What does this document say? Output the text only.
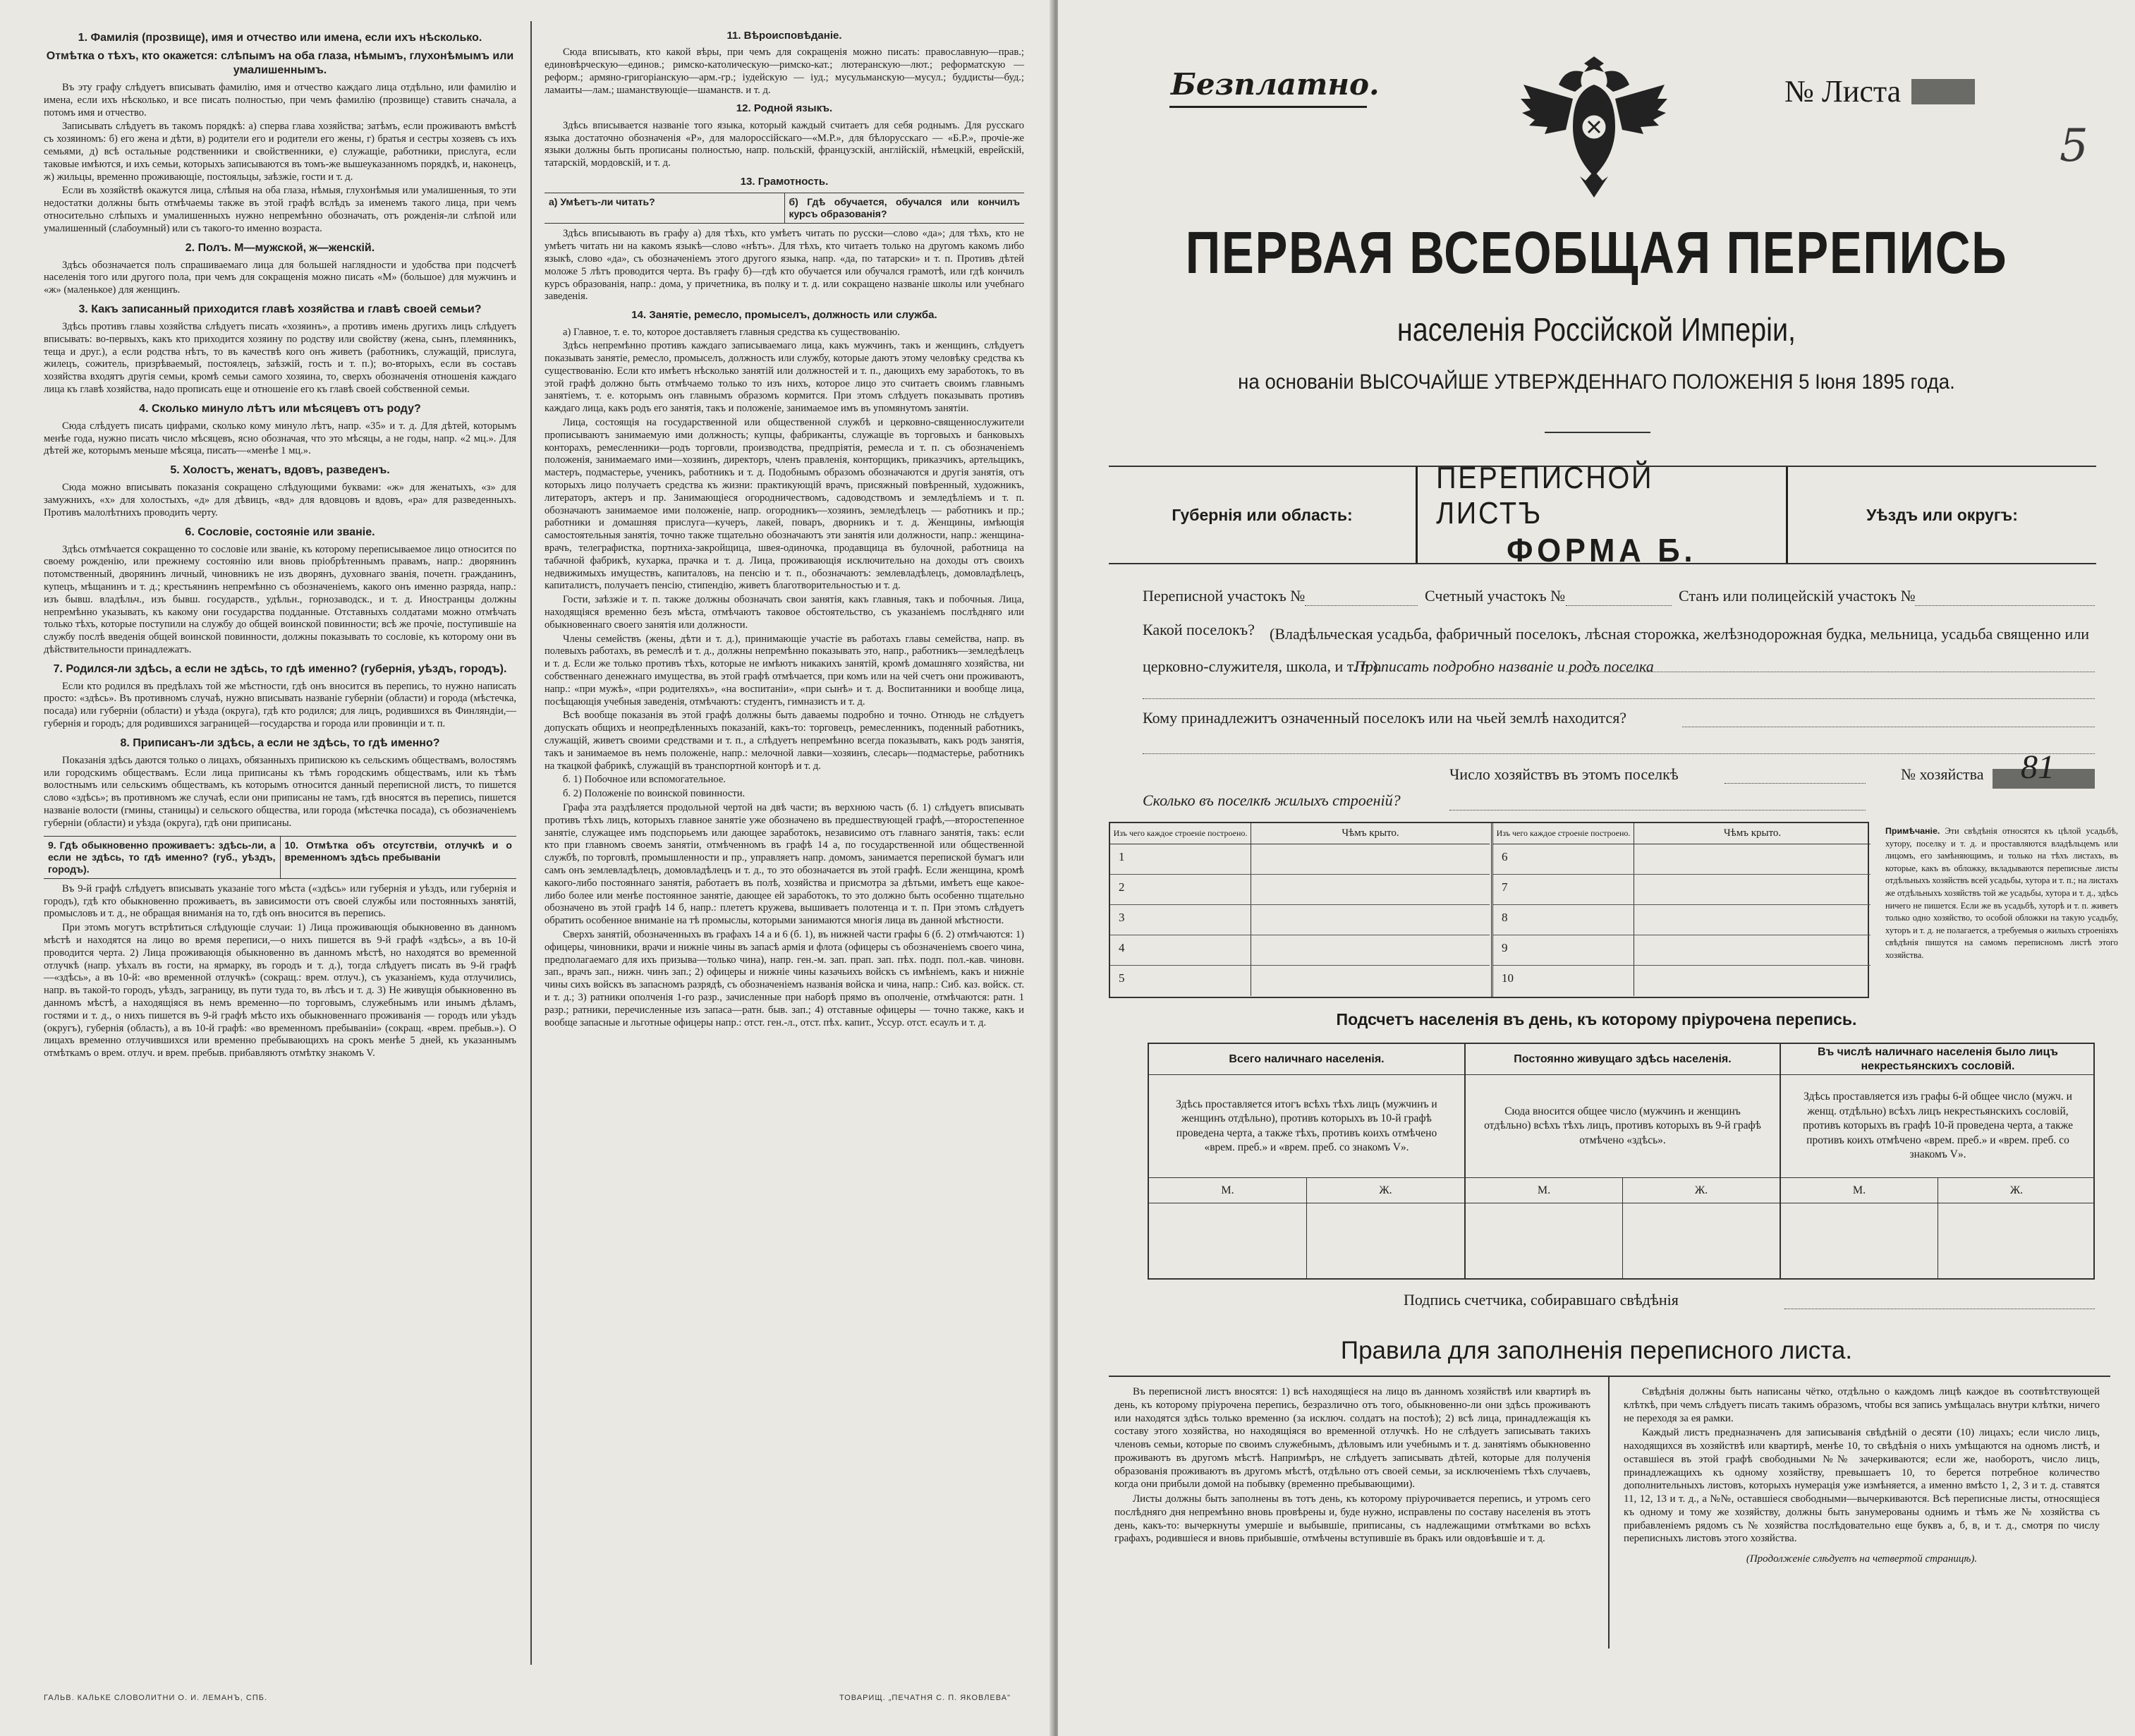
1. Фамилія (прозвище), имя и отчество или имена, если ихъ нѣсколько.
Отмѣтка о тѣхъ, кто окажется: слѣпымъ на оба глаза, нѣмымъ, глухонѣмымъ или умалишеннымъ.

Въ эту графу слѣдуетъ вписывать фамилію, имя и отчество каждаго лица отдѣльно, или фамилію и имена, если ихъ нѣсколько, и все писать полностью, при чемъ фамилію (прозвище) ставить сначала, а потомъ имя и отчество.

Записывать слѣдуетъ въ такомъ порядкѣ: а) сперва глава хозяйства; затѣмъ, если проживаютъ вмѣстѣ съ хозяиномъ: б) его жена и дѣти, в) родители его и родители его жены, г) братья и сестры хозяевъ съ ихъ семьями, д) всѣ остальные родственники и свойственники, е) служащіе, работники, прислуга, если таковые имѣются, и ихъ семьи, которыхъ записываются въ томъ-же вышеуказанномъ порядкѣ, и, наконецъ, ж) жильцы, временно проживающіе, постояльцы, заѣзжіе, гости и т. д.

Если въ хозяйствѣ окажутся лица, слѣпыя на оба глаза, нѣмыя, глухонѣмыя или умалишенныя, то эти недостатки должны быть отмѣчаемы также въ этой графѣ вслѣдъ за именемъ такого лица, при чемъ относительно слѣпыхъ и умалишенныхъ нужно непремѣнно обозначать, отъ рожденія-ли слѣпой или умалишенный (слабоумный) или съ такого-то именно возраста.

2. Полъ. М—мужской, ж—женскій.

Здѣсь обозначается полъ спрашиваемаго лица для большей наглядности и удобства при подсчетѣ населенія того или другого пола, при чемъ для сокращенія можно писать «М» (большое) для мужчинъ и «ж» (маленькое) для женщинъ.

3. Какъ записанный приходится главѣ хозяйства и главѣ своей семьи?

Здѣсь противъ главы хозяйства слѣдуетъ писать «хозяинъ», а противъ имень другихъ лицъ слѣдуетъ вписывать: во-первыхъ, какъ кто приходится хозяину по родству или свойству (жена, сынъ, племянникъ, теща и друг.), а если родства нѣтъ, то въ качествѣ кого онъ живетъ (работникъ, служащій, прислуга, жилецъ, сожитель, призрѣваемый, постоялецъ, заѣзжій, гость и т. п.); во-вторыхъ, если въ составъ хозяйства входятъ другія семьи, кромѣ семьи самого хозяина, то, сверхъ обозначенія отношенія каждаго лица къ главѣ хозяйства, надо прописать еще и отношеніе его къ главѣ своей собственной семьи.

4. Сколько минуло лѣтъ или мѣсяцевъ отъ роду?

Сюда слѣдуетъ писать цифрами, сколько кому минуло лѣтъ, напр. «35» и т. д. Для дѣтей, которымъ менѣе года, нужно писать число мѣсяцевъ, ясно обозначая, что это мѣсяцы, а не годы, напр. «2 мц.». Для дѣтей же, которымъ меньше мѣсяца, писать—«менѣе 1 мц.».

5. Холостъ, женатъ, вдовъ, разведенъ.

Сюда можно вписывать показанія сокращено слѣдующими буквами: «ж» для женатыхъ, «з» для замужнихъ, «х» для холостыхъ, «д» для дѣвицъ, «вд» для вдовцовъ и вдовъ, «ра» для разведенныхъ. Противъ малолѣтнихъ проводить черту.

6. Сословіе, состояніе или званіе.

Здѣсь отмѣчается сокращенно то сословіе или званіе, къ которому переписываемое лицо относится по своему рожденію, или прежнему состоянію или вновь пріобрѣтеннымъ правамъ, напр.: дворянинъ потомственный, дворянинъ личный, чиновникъ не изъ дворянъ, духовнаго званія, почетн. гражданинъ, купецъ, мѣщанинъ и т. д.; крестьянинъ непремѣнно съ обозначеніемъ, какого онъ именно разряда, напр.: изъ бывш. владѣльч., изъ бывш. государств., удѣльн., горнозаводск., и т. д. Иностранцы должны непремѣнно указывать, къ какому они государства подданные. Отставныхъ солдатами можно отмѣчать только тѣхъ, которые поступили на службу до общей воинской повинности; всѣ же прочіе, поступившіе на службу послѣ введенія общей воинской повинности, должны показывать то сословіе, къ которому они въ дѣйствительности принадлежатъ.

7. Родился-ли здѣсь, а если не здѣсь, то гдѣ именно? (губернія, уѣздъ, городъ).

Если кто родился въ предѣлахъ той же мѣстности, гдѣ онъ вносится въ перепись, то нужно написать просто: «здѣсь». Въ противномъ случаѣ, нужно вписывать названіе губерніи (области) и города (мѣстечка, посада) или губерніи (области) и уѣзда (округа), гдѣ кто родился; для лицъ, родившихся въ Финляндіи,—губернія и городъ; для родившихся заграницей—государства и города или провинціи и т. п.

8. Приписанъ-ли здѣсь, а если не здѣсь, то гдѣ именно?

Показанія здѣсь даются только о лицахъ, обязанныхъ припискою къ сельскимъ обществамъ, волостямъ или городскимъ обществамъ. Если лица приписаны къ тѣмъ городскимъ обществамъ, или къ тѣмъ волостнымъ или сельскимъ обществамъ, къ которымъ относится данный переписной листъ, то пишется слово «здѣсь»; въ противномъ же случаѣ, если они приписаны не тамъ, гдѣ вносятся въ перепись, пишется названіе волости (гмины, станицы) и сельского общества, или города (мѣстечка посада), съ обозначеніемъ губерніи (области) и уѣзда (округа), гдѣ они приписаны.

9. Гдѣ обыкновенно проживаетъ: здѣсь-ли, а если не здѣсь, то гдѣ именно? (губ., уѣздъ, городъ).
10. Отмѣтка объ отсутствіи, отлучкѣ и о временномъ здѣсь пребываніи

Въ 9-й графѣ слѣдуетъ вписывать указаніе того мѣста («здѣсь» или губернія и уѣздъ, или губернія и городъ), гдѣ кто обыкновенно проживаетъ, въ зависимости отъ своей службы или постоянныхъ занятій, промысловъ и т. д., не обращая вниманія на то, гдѣ онъ вносится въ перепись.

При этомъ могутъ встрѣтиться слѣдующіе случаи: 1) Лица проживающія обыкновенно въ данномъ мѣстѣ и находятся на лицо во время переписи,—о нихъ пишется въ 9-й графѣ «здѣсь», а въ 10-й проводится черта. 2) Лица проживающія обыкновенно въ данномъ мѣстѣ, но находятся во временной отлучкѣ (напр. уѣхалъ въ гости, на ярмарку, въ городъ и т. д.), тогда слѣдуетъ писать въ 9-й графѣ—«здѣсь», а въ 10-й: «во временной отлучкѣ» (сокращ.: врем. отлуч.), съ указаніемъ, куда отлучились, напр. въ такой-то городъ, уѣздъ, заграницу, въ пути туда то, въ лѣсъ и т. д. 3) Не живущія обыкновенно въ данномъ мѣстѣ, а находящіяся въ немъ временно—по торговымъ, служебнымъ или инымъ дѣламъ, гостями и т. д., о нихъ пишется въ 9-й графѣ мѣсто ихъ обыкновеннаго проживанія — городъ или уѣздъ (округъ), губернія (область), а въ 10-й графѣ: «во временномъ пребываніи» (сокращ. «врем. пребыв.»). О лицахъ временно отлучившихся или временно пребывающихъ на срокъ менѣе 5 дней, къ указаннымъ отмѣткамъ о врем. отлуч. и врем. пребыв. прибавляютъ отмѣтку знакомъ V.

11. Вѣроисповѣданіе.

Сюда вписывать, кто какой вѣры, при чемъ для сокращенія можно писать: православную—прав.; единовѣрческую—единов.; римско-католическую—римско-кат.; лютеранскую—лют.; реформатскую — реформ.; армяно-григоріанскую—арм.-гр.; іудейскую — іуд.; мусульманскую—мусул.; буддисты—буд.; ламаиты—лам.; шаманствующіе—шаманств. и т. д.

12. Родной языкъ.

Здѣсь вписывается названіе того языка, который каждый считаетъ для себя роднымъ. Для русскаго языка достаточно обозначенія «Р», для малороссійскаго—«М.Р.», для бѣлорусскаго — «Б.Р.», прочіе-же языки должны быть прописаны полностью, напр. польскій, французскій, англійскій, нѣмецкій, еврейскій, татарскій, мордовскій, и т. д.

13. Грамотность.
а) Умѣетъ-ли читать?	б) Гдѣ обучается, обучался или кончилъ курсъ образованія?

Здѣсь вписывають въ графу а) для тѣхъ, кто умѣетъ читать по русски—слово «да»; для тѣхъ, кто не умѣетъ читать ни на какомъ языкѣ—слово «нѣтъ». Для тѣхъ, кто читаетъ только на другомъ какомъ либо языкѣ, слово «да», съ обозначеніемъ этого другого языка, напр. «да, по татарски» и т. п. Противъ дѣтей моложе 5 лѣтъ проводится черта. Въ графу б)—гдѣ кто обучается или обучался грамотѣ, или гдѣ кончилъ курсъ образованія, напр.: дома, у причетника, въ полку и т. д. или сокращено названіе школы или учебнаго заведенія.

14. Занятіе, ремесло, промыселъ, должность или служба.

а) Главное, т. е. то, которое доставляетъ главныя средства къ существованію.

Здѣсь непремѣнно противъ каждаго записываемаго лица, какъ мужчинъ, такъ и женщинъ, слѣдуетъ показывать занятіе, ремесло, промыселъ, должность или службу, которые даютъ этому человѣку средства къ существованію. Если кто имѣетъ нѣсколько занятій или должностей и т. п., дающихъ ему заработокъ, то въ этой графѣ должно быть отмѣчаемо только то изъ нихъ, которое лицо это считаетъ своимъ главнымъ занятіемъ, т. е. которымъ онъ главнымъ образомъ кормится. При этомъ слѣдуетъ показывать противъ каждаго лица, какъ родъ его занятія, такъ и положеніе, занимаемое имъ въ упомянутомъ занятіи.

Лица, состоящія на государственной или общественной службѣ и церковно-священнослужители прописываютъ занимаемую ими должность; купцы, фабриканты, служащіе въ торговыхъ и банковыхъ конторахъ, ремесленники—родъ торговли, производства, предпріятія, ремесла и т. п. съ обозначеніемъ положенія, занимаемаго ими—хозяинъ, директоръ, членъ правленія, конторщикъ, приказчикъ, артельщикъ, мастеръ, подмастерье, ученикъ, работникъ и т. д. Подобнымъ образомъ обозначаются и другія занятія, отъ которыхъ лицо получаетъ средства къ жизни: практикующій врачъ, присяжный повѣренный, художникъ, литераторъ, актеръ и пр. Занимающіеся огородничествомъ, садоводствомъ и земледѣліемъ и т. п. обозначаютъ занимаемое ими положеніе, напр. огородникъ—хозяинъ, земледѣлецъ — работникъ и пр.; работники и домашняя прислуга—кучеръ, лакей, поваръ, дворникъ и т. д. Женщины, имѣющія самостоятельныя занятія, точно также тщательно обозначаютъ эти занятія или должности, напр.: женщина-врачъ, телеграфистка, портниха-закройщица, швея-одиночка, продавщица въ булочной, работница на табачной фабрикѣ, кухарка, прачка и т. д. Лица, проживающія исключительно на доходы отъ своихъ недвижимыхъ имуществъ, капиталовъ, на пенсію и т. п., обозначаютъ: землевладѣлецъ, домовладѣлецъ, капиталистъ, получаетъ пенсію, стипендію, живетъ благотворительностью и т. д.

Гости, заѣзжіе и т. п. также должны обозначать свои занятія, какъ главныя, такъ и побочныя. Лица, находящіяся временно безъ мѣста, отмѣчаютъ таковое обстоятельство, съ указаніемъ послѣдняго или обыкновеннаго своего занятія или должности.

Члены семействъ (жены, дѣти и т. д.), принимающіе участіе въ работахъ главы семейства, напр. въ полевыхъ работахъ, въ ремеслѣ и т. д., должны непремѣнно показывать это, напр., работникъ—земледѣлецъ и т. д. Если же только противъ тѣхъ, которые не имѣютъ никакихъ занятій, кромѣ домашняго хозяйства, ни собственнаго денежнаго имущества, въ этой графѣ отмѣчается, при комъ или на чей счетъ они проживаютъ, напр.: «при мужѣ», «при родителяхъ», «на воспитаніи», «при сынѣ» и т. д. Воспитанники и вообще лица, посѣщающія учебныя заведенія, отмѣчаютъ: студентъ, гимназистъ и т. д.

Всѣ вообще показанія въ этой графѣ должны быть даваемы подробно и точно. Отнюдь не слѣдуетъ допускать общихъ и неопредѣленныхъ показаній, какъ-то: торговецъ, ремесленникъ, поденный работникъ, служащій, живетъ своими средствами и т. п., а слѣдуетъ непремѣнно всегда показывать, какъ родъ занятія, такъ и занимаемое въ немъ положеніе, напр.: мелочной лавки—хозяинъ, слесарь—подмастерье, работникъ на ткацкой фабрикѣ, служащій въ транспортной конторѣ и т. д.

б. 1) Побочное или вспомогательное.

б. 2) Положеніе по воинской повинности.

Графа эта раздѣляется продольной чертой на двѣ части; въ верхнюю часть (б. 1) слѣдуетъ вписывать противъ тѣхъ лицъ, которыхъ главное занятіе уже обозначено въ предшествующей графѣ,—второстепенное занятіе, служащее имъ подспорьемъ или дающее заработокъ, независимо отъ главнаго занятія, такъ: если кто при главномъ своемъ занятіи, отмѣченномъ въ графѣ 14 а, по государственной или общественной службѣ, по торговлѣ, промышленности и пр., управляетъ напр. домомъ, занимается перепиской бумагъ или самъ онъ землевладѣлецъ, домовладѣлецъ и т. д., то это обозначается въ этой графѣ. Если женщина, кромѣ какого-либо постояннаго занятія, работаетъ въ полѣ, хозяйства и присмотра за дѣтьми, имѣетъ еще какое-либо более или менѣе постоянное занятіе, дающее ей заработокъ, то это должно быть особенно тщательно обозначено въ этой графѣ 14 б, напр.: плететъ кружева, вышиваетъ полотенца и т. п. При этомъ слѣдуетъ обратить особенное вниманіе на тѣ промыслы, которыми занимаются многія лица въ данной мѣстности.

Сверхъ занятій, обозначенныхъ въ графахъ 14 а и 6 (б. 1), въ нижней части графы 6 (б. 2) отмѣчаются: 1) офицеры, чиновники, врачи и нижніе чины въ запасѣ армія и флота (офицеры съ обозначеніемъ своего чина, предполагаемаго для ихъ призыва—только чина), напр. ген.-м. зап. прап. зап. пѣх. подп. пол.-кав. чиновн. зап., врачъ зап., нижн. чинъ зап.; 2) офицеры и нижніе чины казачьихъ войскъ съ имѣніемъ, какъ и нижніе чины сихъ войскъ въ запасномъ разрядѣ, съ обозначеніемъ названія войска и чина, напр.: Сиб. каз. войск. ст. и т. д.; 3) ратники ополченія 1-го разр., зачисленные при наборѣ прямо въ ополченіе, отмѣчаются: ратн. 1 разр.; ратники, перечисленные изъ запаса—ратн. быв. зап.; 4) отставные офицеры — точно также, какъ и вообще запасные и льготные офицеры напр.: отст. ген.-л., отст. пѣх. капит., Уссур. отст. есаулъ и т. д.

ГАЛЬВ. КАЛЬКЕ СЛОВОЛИТНИ О. И. ЛЕМАНЪ, СПБ.	ТОВАРИЩ. „ПЕЧАТНЯ С. П. ЯКОВЛЕВА"
Безплатно.	№ Листа
5
ПЕРВАЯ ВСЕОБЩАЯ ПЕРЕПИСЬ
населенія Россійской Имперіи,
на основаніи ВЫСОЧАЙШЕ УТВЕРЖДЕННАГО ПОЛОЖЕНІЯ 5 Іюня 1895 года.
Губернія или область:
ПЕРЕПИСНОЙ ЛИСТЪ
ФОРМА Б.
Уѣздъ или округъ:
Переписной участокъ №	Счетный участокъ №	Станъ или полицейскій участокъ №
Какой поселокъ? (Владѣльческая усадьба, фабричный поселокъ, лѣсная сторожка, желѣзнодорожная будка, мельница, усадьба священно или
церковно-служителя, школа, и т. п.).
Прописать подробно названіе и родъ поселка
Кому принадлежитъ означенный поселокъ или на чьей землѣ находится?
Число хозяйствъ въ этомъ поселкѣ	№ хозяйства 81
Сколько въ поселкѣ жилыхъ строеній?
Изъ чего каждое строеніе построено.	Чѣмъ крыто.
1
2
3
4
5
Изъ чего каждое строеніе построено.	Чѣмъ крыто.
6
7
8
9
10
Примѣчаніе. Эти свѣдѣнія относятся къ цѣлой усадьбѣ, хутору, поселку и т. д. и проставляются владѣльцемъ или лицомъ, его замѣняющимъ, и только на тѣхъ листахъ, въ которые, какъ въ обложку, вкладываются переписные листы отдѣльныхъ хозяйствъ всей усадьбы, хутора и т. п.; на листахъ же отдѣльныхъ хозяйствъ той же усадьбы, хутора и т. д., здѣсь ничего не пишется. Если же въ усадьбѣ, хуторѣ и т. п. живетъ только одно хозяйство, то особой обложки на такую усадьбу, хуторъ и т. д. не полагается, а требуемыя о жилыхъ строеніяхъ свѣдѣнія пишутся на самомъ переписномъ листѣ этого хозяйства.
Подсчетъ населенія въ день, къ которому пріурочена перепись.
Всего наличнаго населенія.
Здѣсь проставляется итогъ всѣхъ тѣхъ лицъ (мужчинъ и женщинъ отдѣльно), противъ которыхъ въ 10-й графѣ проведена черта, а также тѣхъ, противъ коихъ отмѣчено «врем. преб.» и «врем. преб. со знакомъ V».
М.	Ж.
Постоянно живущаго здѣсь населенія.
Сюда вносится общее число (мужчинъ и женщинъ отдѣльно) всѣхъ тѣхъ лицъ, противъ которыхъ въ 9-й графѣ отмѣчено «здѣсь».
М.	Ж.
Въ числѣ наличнаго населенія было лицъ некрестьянскихъ сословій.
Здѣсь проставляется изъ графы 6-й общее число (мужч. и женщ. отдѣльно) всѣхъ лицъ некрестьянскихъ сословій, противъ которыхъ въ графѣ 10-й проведена черта, а также противъ коихъ отмѣчено «врем. преб.» и «врем. преб. со знакомъ V».
М.	Ж.
Подпись счетчика, собиравшаго свѣдѣнія
Правила для заполненія переписного листа.

Въ переписной листъ вносятся: 1) всѣ находящіеся на лицо въ данномъ хозяйствѣ или квартирѣ въ день, къ которому пріурочена перепись, безразлично отъ того, обыкновенно-ли они здѣсь проживаютъ или находятся здѣсь только временно (за исключ. солдатъ на постоѣ); 2) всѣ лица, принадлежащія къ составу этого хозяйства, но находящіяся во временной отлучкѣ. Но не слѣдуетъ записывать такихъ членовъ семьи, которые по своимъ служебнымъ, дѣловымъ или учебнымъ и т. д. занятіямъ обыкновенно проживаютъ въ другомъ мѣстѣ. Напримѣръ, не слѣдуетъ записывать дѣтей, которые для полученія образованія проживаютъ въ другомъ мѣстѣ, отдѣльно отъ своей семьи, за исключеніемъ тѣхъ случаевъ, когда они прибыли домой на побывку (временно пребывающими).

Листы должны быть заполнены въ тотъ день, къ которому пріурочивается перепись, и утромъ сего послѣдняго дня непремѣнно вновь провѣрены и, буде нужно, исправлены по составу населенія въ этотъ день, какъ-то: вычеркнуты умершіе и выбывшіе, приписаны, съ надлежащими отмѣтками во всѣхъ графахъ, родившіеся и вновь прибывшіе, отмѣчены вступившіе въ бракъ или овдовѣвшіе и т. д.

Свѣдѣнія должны быть написаны чётко, отдѣльно о каждомъ лицѣ каждое въ соотвѣтствующей клѣткѣ, при чемъ слѣдуетъ писать такимъ образомъ, чтобы вся запись умѣщалась внутри клѣтки, ничего не переходя за ея рамки.

Каждый листъ предназначенъ для записыванія свѣдѣній о десяти (10) лицахъ; если число лицъ, находящихся въ хозяйствѣ или квартирѣ, менѣе 10, то свѣдѣнія о нихъ умѣщаются на одномъ листѣ, и оставшіеся въ этой графѣ свободными №№ зачеркиваются; если же, наоборотъ, число лицъ, принадлежащихъ къ одному хозяйству, превышаетъ 10, то берется потребное количество дополнительныхъ листовъ, которыхъ нумерація уже измѣняется, а именно вмѣсто 1, 2, 3 и т. д. ставятся 11, 12, 13 и т. д., а №№, оставшіеся свободными—вычеркиваются. Всѣ переписные листы, относящіеся къ одному и тому же хозяйству, должны быть занумерованы однимъ и тѣмъ же № хозяйства съ прибавленіемъ рядомъ съ № хозяйства послѣдовательно еще буквъ а, б, в, и т. д., смотря по числу переписныхъ листовъ этого хозяйства.

(Продолженіе слѣдуетъ на четвертой страницѣ).
